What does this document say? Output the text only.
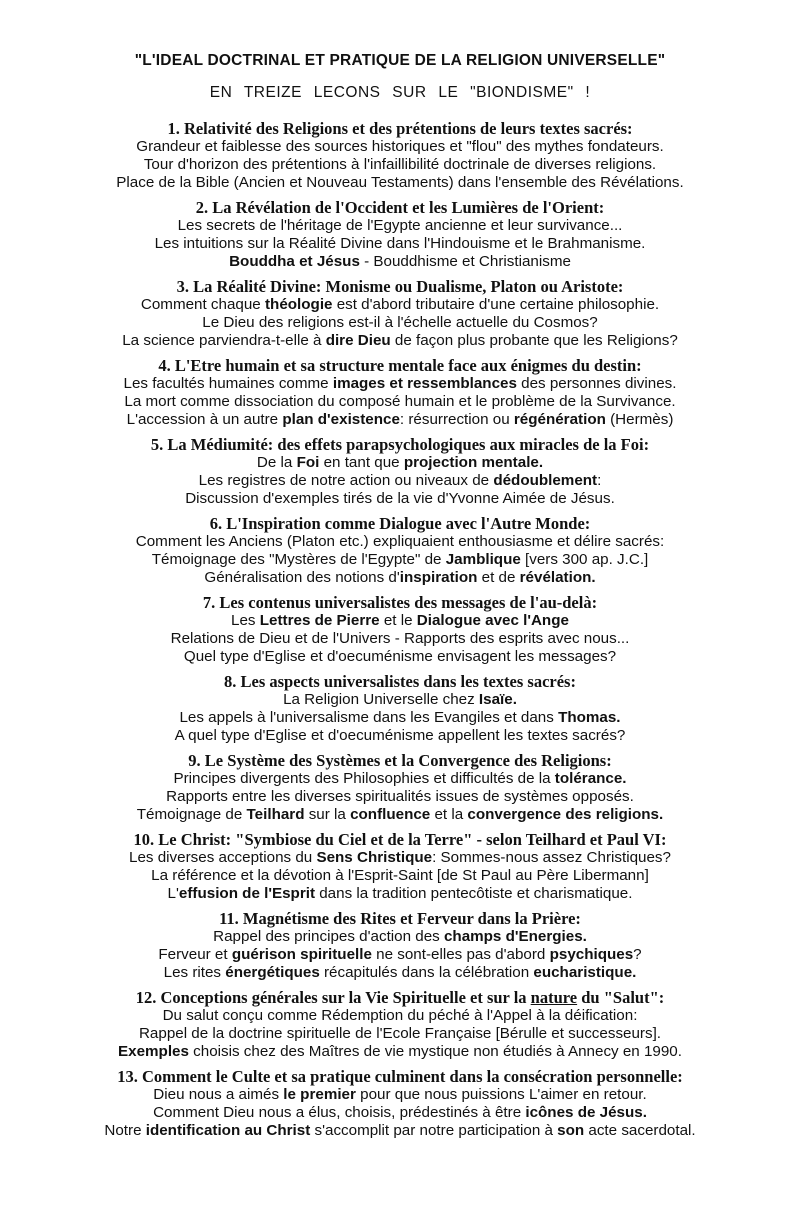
"L'IDEAL DOCTRINAL ET PRATIQUE DE LA RELIGION UNIVERSELLE"
EN TREIZE LECONS SUR LE "BIONDISME" !
1. Relativité des Religions et des prétentions de leurs textes sacrés:
Grandeur et faiblesse des sources historiques et "flou" des mythes fondateurs.
Tour d'horizon des prétentions à l'infaillibilité doctrinale de diverses religions.
Place de la Bible (Ancien et Nouveau Testaments) dans l'ensemble des Révélations.
2. La Révélation de l'Occident et les Lumières de l'Orient:
Les secrets de l'héritage de l'Egypte ancienne et leur survivance...
Les intuitions sur la Réalité Divine dans l'Hindouisme et le Brahmanisme.
Bouddha et Jésus - Bouddhisme et Christianisme
3. La Réalité Divine: Monisme ou Dualisme, Platon ou Aristote:
Comment chaque théologie est d'abord tributaire d'une certaine philosophie.
Le Dieu des religions est-il à l'échelle actuelle du Cosmos?
La science parviendra-t-elle à dire Dieu de façon plus probante que les Religions?
4. L'Etre humain et sa structure mentale face aux énigmes du destin:
Les facultés humaines comme images et ressemblances des personnes divines.
La mort comme dissociation du composé humain et le problème de la Survivance.
L'accession à un autre plan d'existence: résurrection ou régénération (Hermès)
5. La Médiumité: des effets parapsychologiques aux miracles de la Foi:
De la Foi en tant que projection mentale.
Les registres de notre action ou niveaux de dédoublement:
Discussion d'exemples tirés de la vie d'Yvonne Aimée de Jésus.
6. L'Inspiration comme Dialogue avec l'Autre Monde:
Comment les Anciens (Platon etc.) expliquaient enthousiasme et délire sacrés:
Témoignage des "Mystères de l'Egypte" de Jamblique [vers 300 ap. J.C.]
Généralisation des notions d'inspiration et de révélation.
7. Les contenus universalistes des messages de l'au-delà:
Les Lettres de Pierre et le Dialogue avec l'Ange
Relations de Dieu et de l'Univers - Rapports des esprits avec nous...
Quel type d'Eglise et d'oecuménisme envisagent les messages?
8. Les aspects universalistes dans les textes sacrés:
La Religion Universelle chez Isaïe.
Les appels à l'universalisme dans les Evangiles et dans Thomas.
A quel type d'Eglise et d'oecuménisme appellent les textes sacrés?
9. Le Système des Systèmes et la Convergence des Religions:
Principes divergents des Philosophies et difficultés de la tolérance.
Rapports entre les diverses spiritualités issues de systèmes opposés.
Témoignage de Teilhard sur la confluence et la convergence des religions.
10. Le Christ: "Symbiose du Ciel et de la Terre" - selon Teilhard et Paul VI:
Les diverses acceptions du Sens Christique: Sommes-nous assez Christiques?
La référence et la dévotion à l'Esprit-Saint [de St Paul au Père Libermann]
L'effusion de l'Esprit dans la tradition pentecôtiste et charismatique.
11. Magnétisme des Rites et Ferveur dans la Prière:
Rappel des principes d'action des champs d'Energies.
Ferveur et guérison spirituelle ne sont-elles pas d'abord psychiques?
Les rites énergétiques récapitulés dans la célébration eucharistique.
12. Conceptions générales sur la Vie Spirituelle et sur la nature du "Salut":
Du salut conçu comme Rédemption du péché à l'Appel à la déification:
Rappel de la doctrine spirituelle de l'Ecole Française [Bérulle et successeurs].
Exemples choisis chez des Maîtres de vie mystique non étudiés à Annecy en 1990.
13. Comment le Culte et sa pratique culminent dans la consécration personnelle:
Dieu nous a aimés le premier pour que nous puissions L'aimer en retour.
Comment Dieu nous a élus, choisis, prédestinés à être icônes de Jésus.
Notre identification au Christ s'accomplit par notre participation à son acte sacerdotal.
